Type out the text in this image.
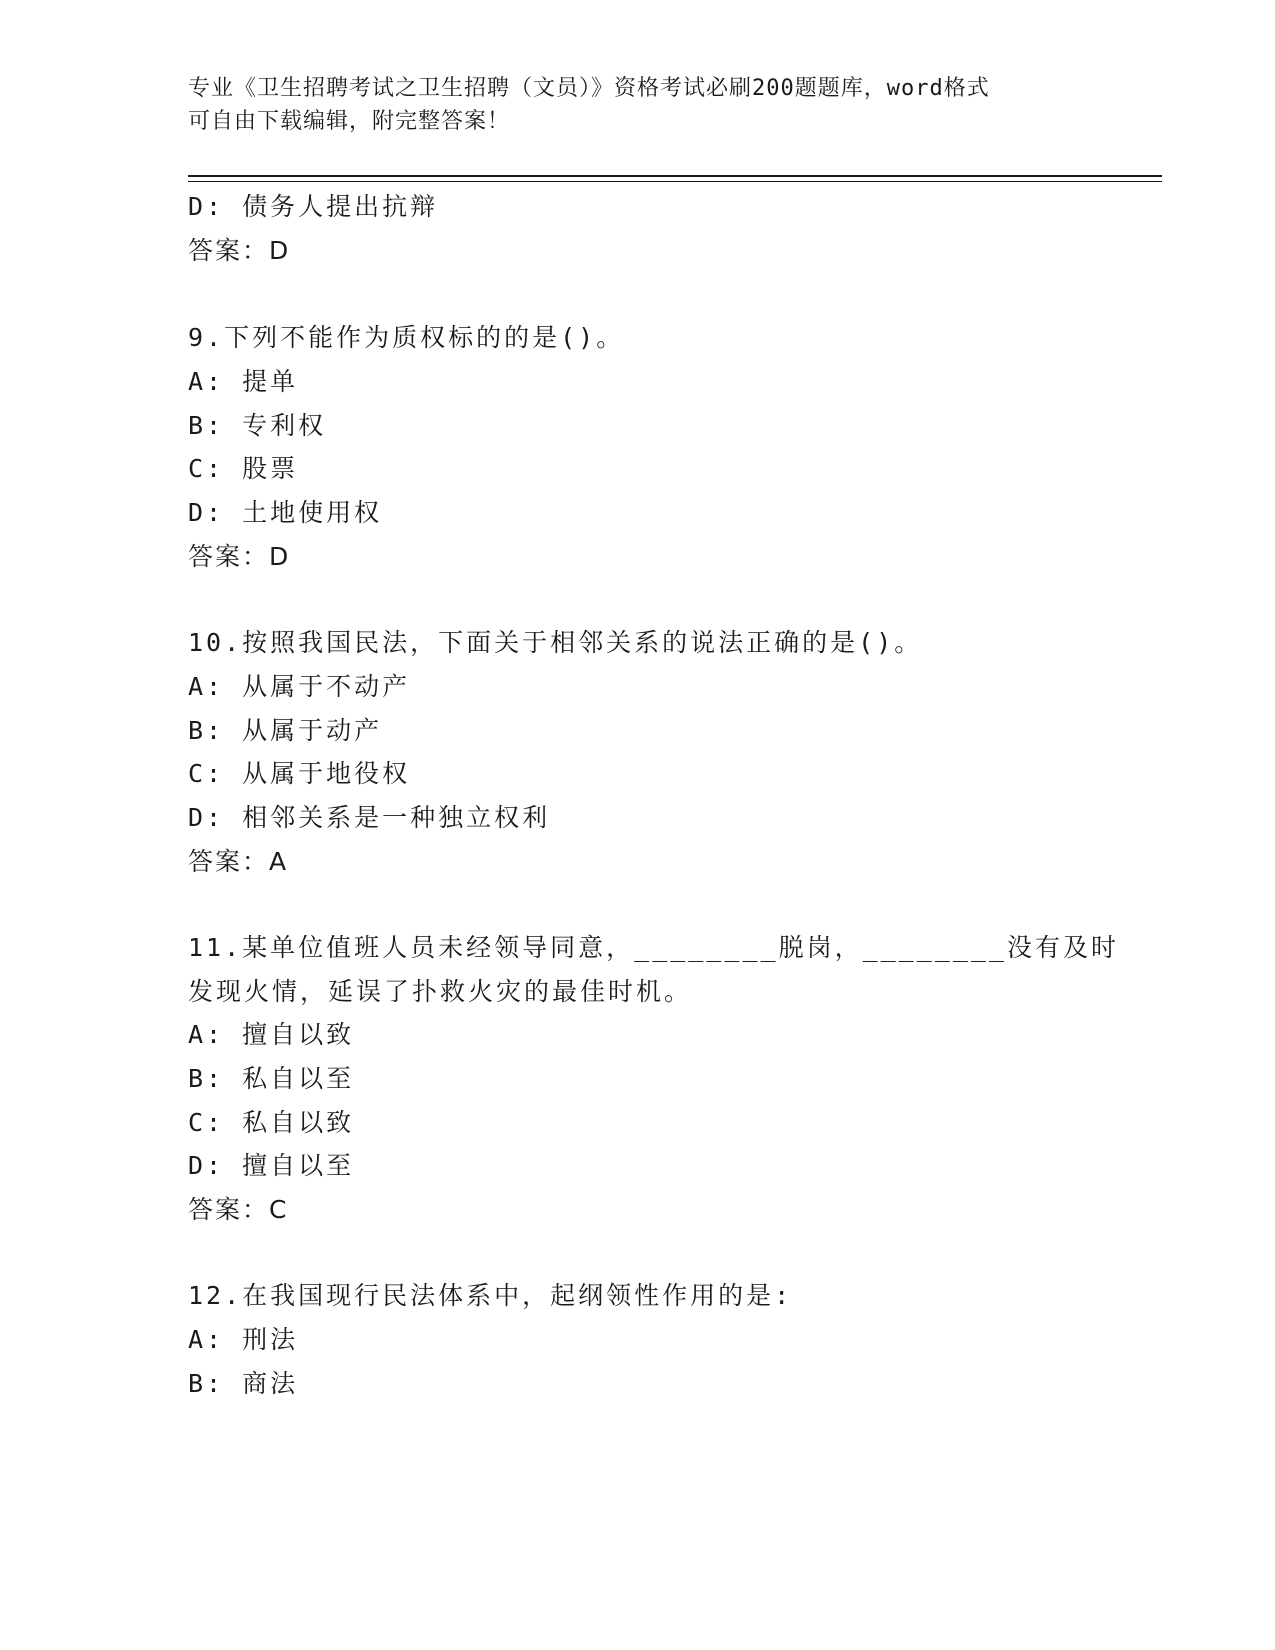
专业《卫生招聘考试之卫生招聘（文员）》资格考试必刷200题题库，word格式
可自由下载编辑，附完整答案！
D: 债务人提出抗辩
答案：D
9.下列不能作为质权标的的是()。
A: 提单
B: 专利权
C: 股票
D: 土地使用权
答案：D
10.按照我国民法，下面关于相邻关系的说法正确的是()。
A: 从属于不动产
B: 从属于动产
C: 从属于地役权
D: 相邻关系是一种独立权利
答案：A
11.某单位值班人员未经领导同意，________脱岗，________没有及时
发现火情，延误了扑救火灾的最佳时机。
A: 擅自以致
B: 私自以至
C: 私自以致
D: 擅自以至
答案：C
12.在我国现行民法体系中，起纲领性作用的是:
A: 刑法
B: 商法
